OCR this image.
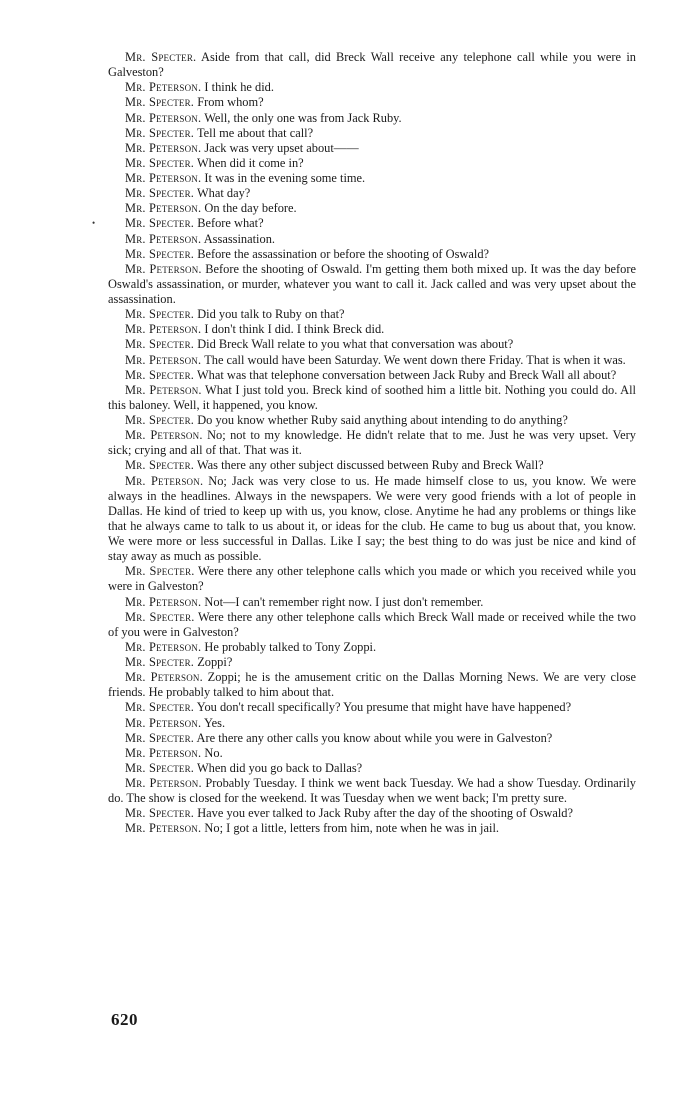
•

Mr. Specter. Aside from that call, did Breck Wall receive any telephone call while you were in Galveston?

Mr. Peterson. I think he did.

Mr. Specter. From whom?

Mr. Peterson. Well, the only one was from Jack Ruby.

Mr. Specter. Tell me about that call?

Mr. Peterson. Jack was very upset about——

Mr. Specter. When did it come in?

Mr. Peterson. It was in the evening some time.

Mr. Specter. What day?

Mr. Peterson. On the day before.

Mr. Specter. Before what?

Mr. Peterson. Assassination.

Mr. Specter. Before the assassination or before the shooting of Oswald?

Mr. Peterson. Before the shooting of Oswald. I'm getting them both mixed up. It was the day before Oswald's assassination, or murder, whatever you want to call it. Jack called and was very upset about the assassination.

Mr. Specter. Did you talk to Ruby on that?

Mr. Peterson. I don't think I did. I think Breck did.

Mr. Specter. Did Breck Wall relate to you what that conversation was about?

Mr. Peterson. The call would have been Saturday. We went down there Friday. That is when it was.

Mr. Specter. What was that telephone conversation between Jack Ruby and Breck Wall all about?

Mr. Peterson. What I just told you. Breck kind of soothed him a little bit. Nothing you could do. All this baloney. Well, it happened, you know.

Mr. Specter. Do you know whether Ruby said anything about intending to do anything?

Mr. Peterson. No; not to my knowledge. He didn't relate that to me. Just he was very upset. Very sick; crying and all of that. That was it.

Mr. Specter. Was there any other subject discussed between Ruby and Breck Wall?

Mr. Peterson. No; Jack was very close to us. He made himself close to us, you know. We were always in the headlines. Always in the newspapers. We were very good friends with a lot of people in Dallas. He kind of tried to keep up with us, you know, close. Anytime he had any problems or things like that he always came to talk to us about it, or ideas for the club. He came to bug us about that, you know. We were more or less successful in Dallas. Like I say; the best thing to do was just be nice and kind of stay away as much as possible.

Mr. Specter. Were there any other telephone calls which you made or which you received while you were in Galveston?

Mr. Peterson. Not—I can't remember right now. I just don't remember.

Mr. Specter. Were there any other telephone calls which Breck Wall made or received while the two of you were in Galveston?

Mr. Peterson. He probably talked to Tony Zoppi.

Mr. Specter. Zoppi?

Mr. Peterson. Zoppi; he is the amusement critic on the Dallas Morning News. We are very close friends. He probably talked to him about that.

Mr. Specter. You don't recall specifically? You presume that might have have happened?

Mr. Peterson. Yes.

Mr. Specter. Are there any other calls you know about while you were in Galveston?

Mr. Peterson. No.

Mr. Specter. When did you go back to Dallas?

Mr. Peterson. Probably Tuesday. I think we went back Tuesday. We had a show Tuesday. Ordinarily do. The show is closed for the weekend. It was Tuesday when we went back; I'm pretty sure.

Mr. Specter. Have you ever talked to Jack Ruby after the day of the shooting of Oswald?

Mr. Peterson. No; I got a little, letters from him, note when he was in jail.

620
